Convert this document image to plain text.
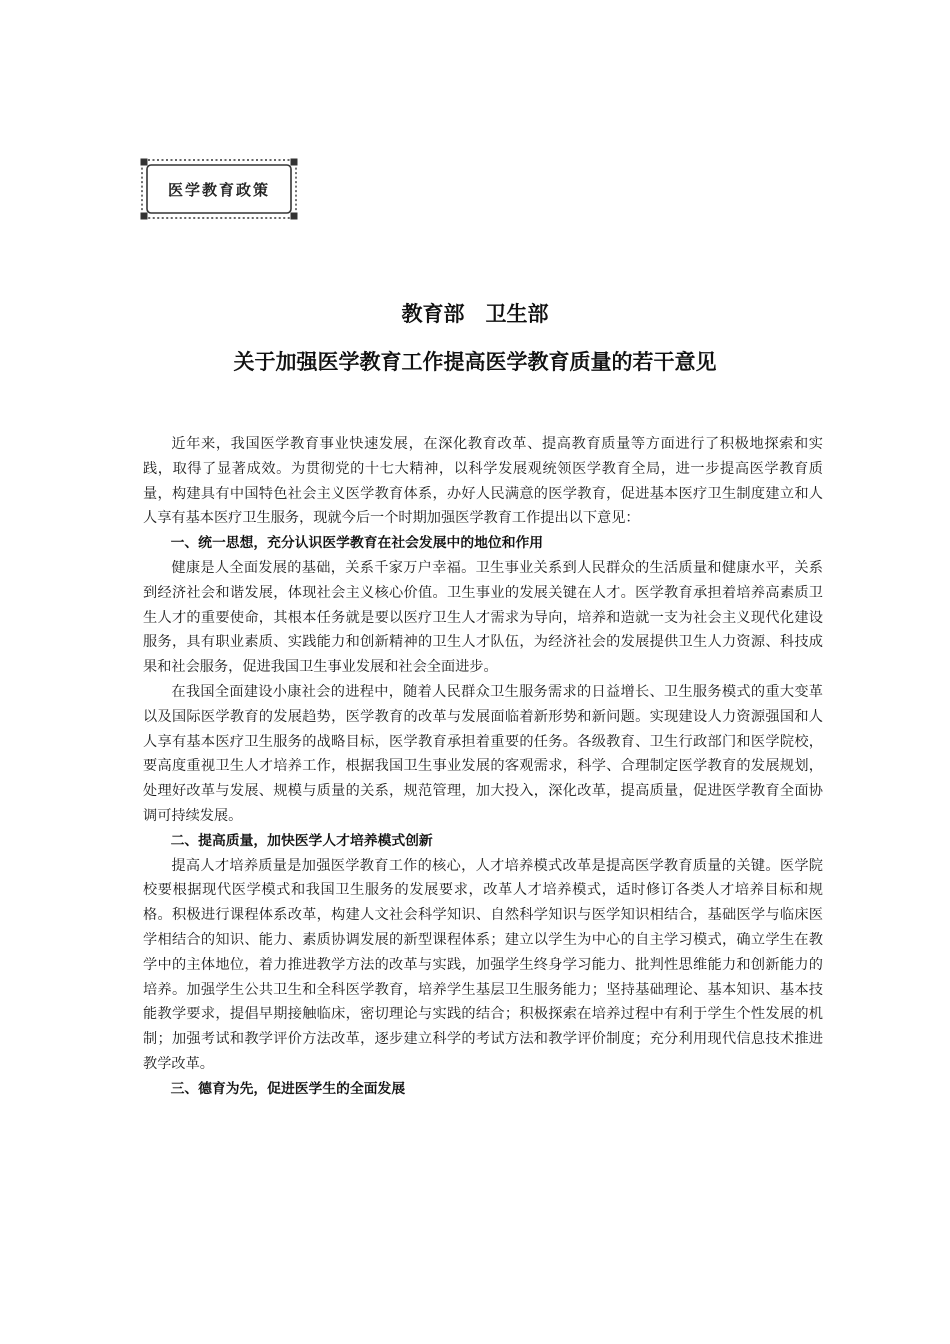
医学教育政策
教育部　卫生部
关于加强医学教育工作提高医学教育质量的若干意见

近年来，我国医学教育事业快速发展，在深化教育改革、提高教育质量等方面进行了积极地探索和实践，取得了显著成效。为贯彻党的十七大精神，以科学发展观统领医学教育全局，进一步提高医学教育质量，构建具有中国特色社会主义医学教育体系，办好人民满意的医学教育，促进基本医疗卫生制度建立和人人享有基本医疗卫生服务，现就今后一个时期加强医学教育工作提出以下意见：

一、统一思想，充分认识医学教育在社会发展中的地位和作用

健康是人全面发展的基础，关系千家万户幸福。卫生事业关系到人民群众的生活质量和健康水平，关系到经济社会和谐发展，体现社会主义核心价值。卫生事业的发展关键在人才。医学教育承担着培养高素质卫生人才的重要使命，其根本任务就是要以医疗卫生人才需求为导向，培养和造就一支为社会主义现代化建设服务，具有职业素质、实践能力和创新精神的卫生人才队伍，为经济社会的发展提供卫生人力资源、科技成果和社会服务，促进我国卫生事业发展和社会全面进步。

在我国全面建设小康社会的进程中，随着人民群众卫生服务需求的日益增长、卫生服务模式的重大变革以及国际医学教育的发展趋势，医学教育的改革与发展面临着新形势和新问题。实现建设人力资源强国和人人享有基本医疗卫生服务的战略目标，医学教育承担着重要的任务。各级教育、卫生行政部门和医学院校，要高度重视卫生人才培养工作，根据我国卫生事业发展的客观需求，科学、合理制定医学教育的发展规划，处理好改革与发展、规模与质量的关系，规范管理，加大投入，深化改革，提高质量，促进医学教育全面协调可持续发展。

二、提高质量，加快医学人才培养模式创新

提高人才培养质量是加强医学教育工作的核心，人才培养模式改革是提高医学教育质量的关键。医学院校要根据现代医学模式和我国卫生服务的发展要求，改革人才培养模式，适时修订各类人才培养目标和规格。积极进行课程体系改革，构建人文社会科学知识、自然科学知识与医学知识相结合，基础医学与临床医学相结合的知识、能力、素质协调发展的新型课程体系；建立以学生为中心的自主学习模式，确立学生在教学中的主体地位，着力推进教学方法的改革与实践，加强学生终身学习能力、批判性思维能力和创新能力的培养。加强学生公共卫生和全科医学教育，培养学生基层卫生服务能力；坚持基础理论、基本知识、基本技能教学要求，提倡早期接触临床，密切理论与实践的结合；积极探索在培养过程中有利于学生个性发展的机制；加强考试和教学评价方法改革，逐步建立科学的考试方法和教学评价制度；充分利用现代信息技术推进教学改革。

三、德育为先，促进医学生的全面发展
